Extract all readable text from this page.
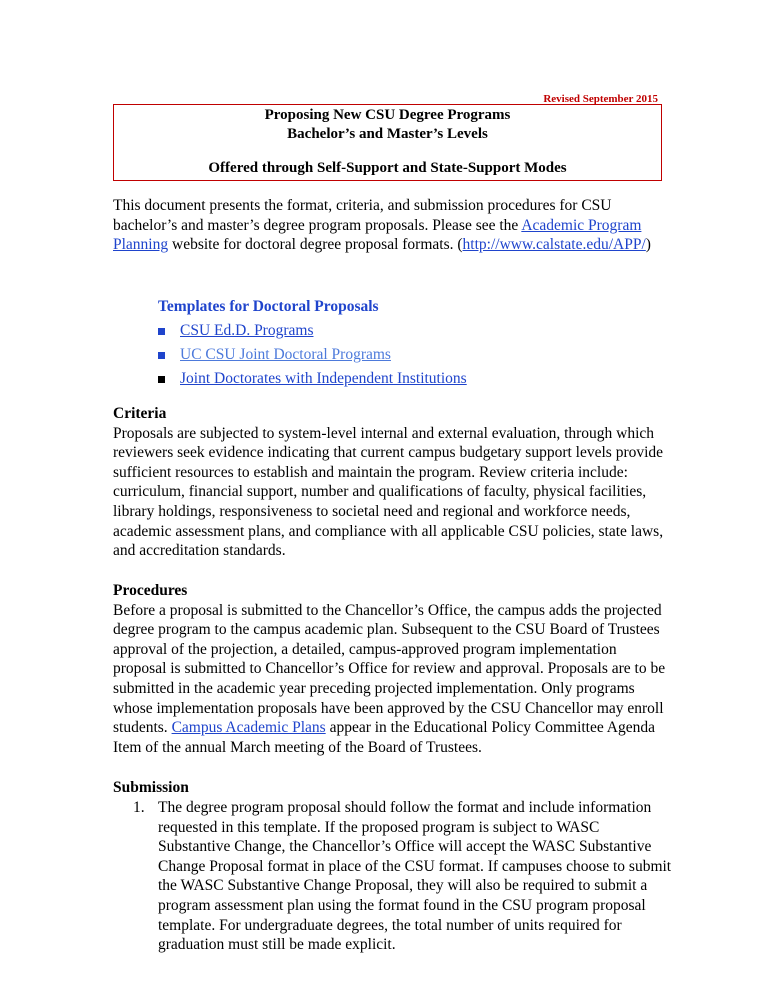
Revised September 2015
Proposing New CSU Degree Programs
Bachelor’s and Master’s Levels
Offered through Self-Support and State-Support Modes
This document presents the format, criteria, and submission procedures for CSU bachelor’s and master’s degree program proposals. Please see the Academic Program Planning website for doctoral degree proposal formats. (http://www.calstate.edu/APP/)
Templates for Doctoral Proposals
CSU Ed.D. Programs
UC CSU Joint Doctoral Programs
Joint Doctorates with Independent Institutions
Criteria
Proposals are subjected to system-level internal and external evaluation, through which reviewers seek evidence indicating that current campus budgetary support levels provide sufficient resources to establish and maintain the program. Review criteria include: curriculum, financial support, number and qualifications of faculty, physical facilities, library holdings, responsiveness to societal need and regional and workforce needs, academic assessment plans, and compliance with all applicable CSU policies, state laws, and accreditation standards.
Procedures
Before a proposal is submitted to the Chancellor’s Office, the campus adds the projected degree program to the campus academic plan. Subsequent to the CSU Board of Trustees approval of the projection, a detailed, campus-approved program implementation proposal is submitted to Chancellor’s Office for review and approval. Proposals are to be submitted in the academic year preceding projected implementation. Only programs whose implementation proposals have been approved by the CSU Chancellor may enroll students. Campus Academic Plans appear in the Educational Policy Committee Agenda Item of the annual March meeting of the Board of Trustees.
Submission
1. The degree program proposal should follow the format and include information requested in this template. If the proposed program is subject to WASC Substantive Change, the Chancellor’s Office will accept the WASC Substantive Change Proposal format in place of the CSU format. If campuses choose to submit the WASC Substantive Change Proposal, they will also be required to submit a program assessment plan using the format found in the CSU program proposal template. For undergraduate degrees, the total number of units required for graduation must still be made explicit.
